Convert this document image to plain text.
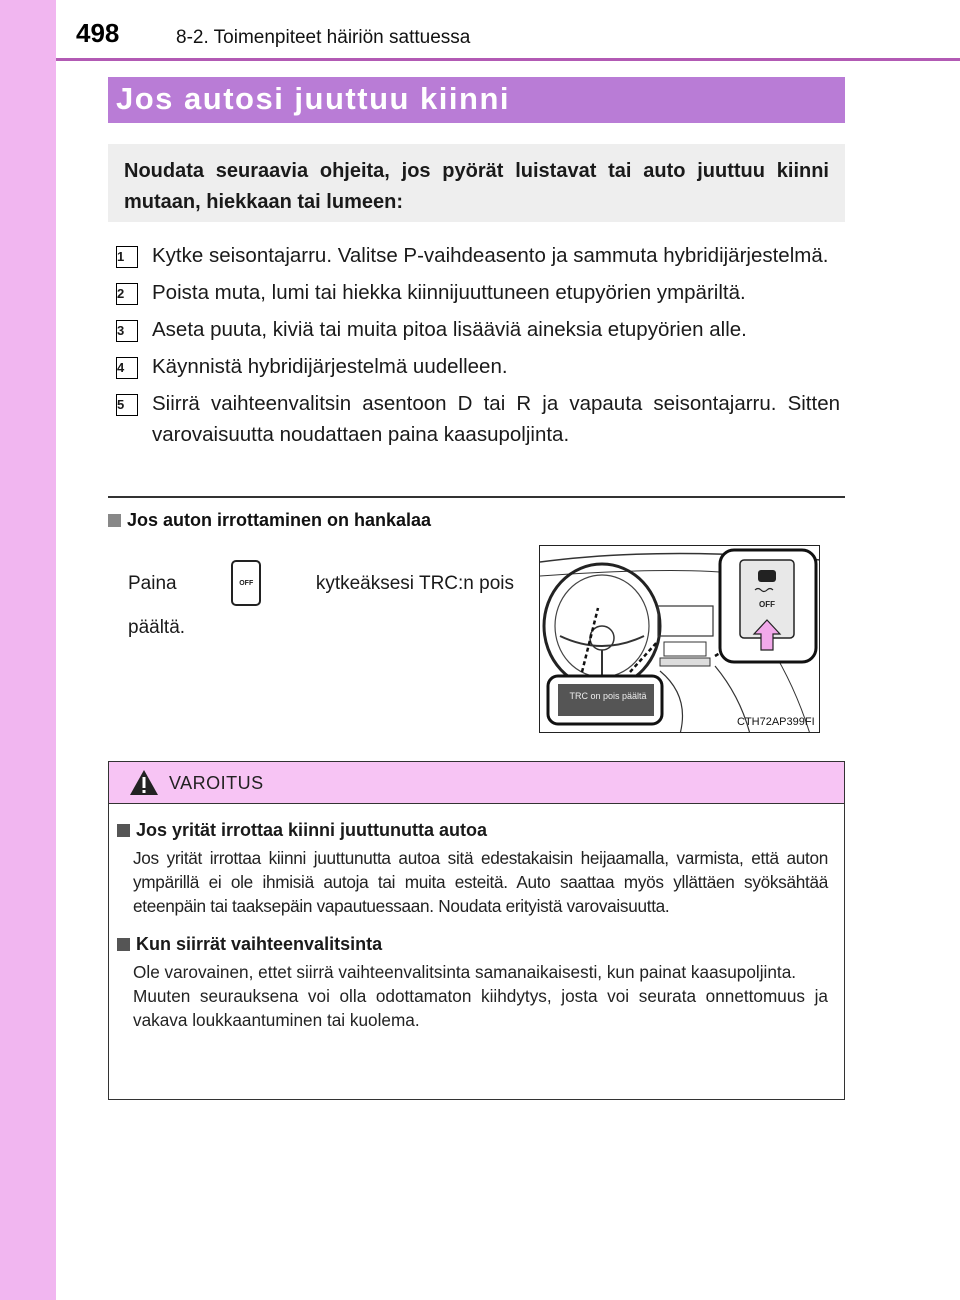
498	8-2. Toimenpiteet häiriön sattuessa
Jos autosi juuttuu kiinni
Noudata seuraavia ohjeita, jos pyörät luistavat tai auto juuttuu kiinni mutaan, hiekkaan tai lumeen:
1	Kytke seisontajarru. Valitse P-vaihdeasento ja sammuta hybridijärjestelmä.
2	Poista muta, lumi tai hiekka kiinnijuuttuneen etupyörien ympäriltä.
3	Aseta puuta, kiviä tai muita pitoa lisääviä aineksia etupyörien alle.
4	Käynnistä hybridijärjestelmä uudelleen.
5	Siirrä vaihteenvalitsin asentoon D tai R ja vapauta seisontajarru. Sitten varovaisuutta noudattaen paina kaasupoljinta.
Jos auton irrottaminen on hankalaa
Paina	OFF	kytkeäksesi TRC:n pois
päältä.
TRC on pois päältä
OFF
CTH72AP399FI
VAROITUS
Jos yrität irrottaa kiinni juuttunutta autoa
Jos yrität irrottaa kiinni juuttunutta autoa sitä edestakaisin heijaamalla, varmista, että auton ympärillä ei ole ihmisiä autoja tai muita esteitä. Auto saattaa myös yllättäen syöksähtää eteenpäin tai taaksepäin vapautuessaan. Noudata erityistä varovaisuutta.
Kun siirrät vaihteenvalitsinta
Ole varovainen, ettet siirrä vaihteenvalitsinta samanaikaisesti, kun painat kaasupoljinta.
Muuten seurauksena voi olla odottamaton kiihdytys, josta voi seurata onnettomuus ja vakava loukkaantuminen tai kuolema.
